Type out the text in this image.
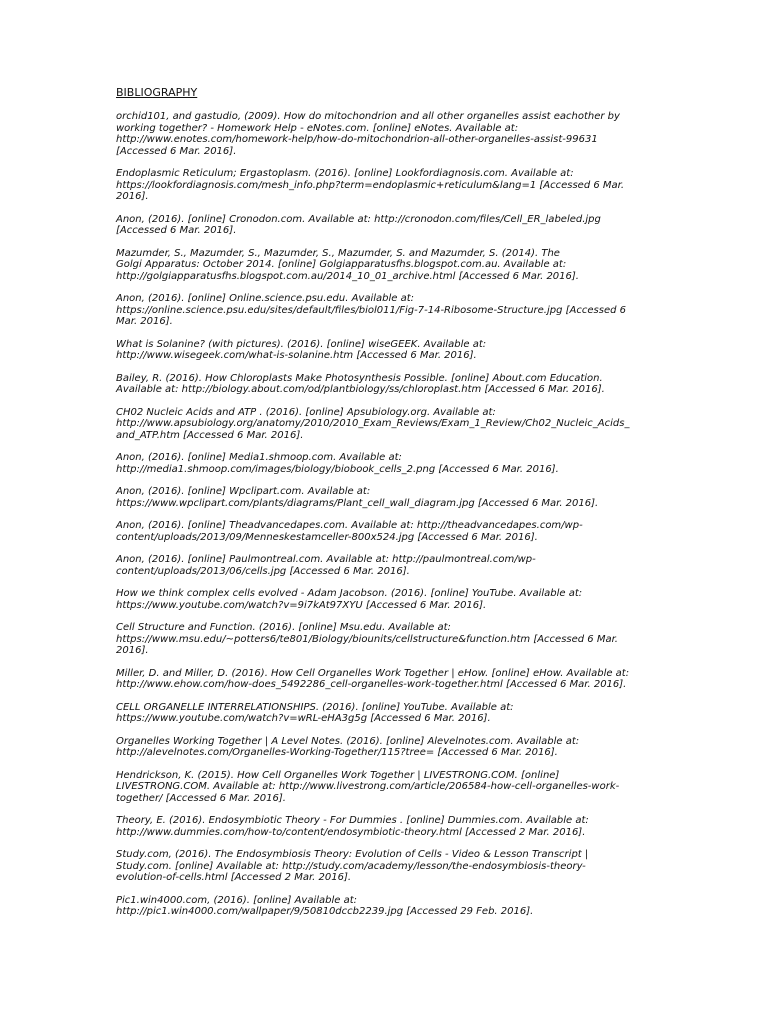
BIBLIOGRAPHY
orchid101, and gastudio, (2009). How do mitochondrion and all other organelles assist eachother by
working together? - Homework Help - eNotes.com. [online] eNotes. Available at:
http://www.enotes.com/homework-help/how-do-mitochondrion-all-other-organelles-assist-99631
[Accessed 6 Mar. 2016].
Endoplasmic Reticulum; Ergastoplasm. (2016). [online] Lookfordiagnosis.com. Available at:
https://lookfordiagnosis.com/mesh_info.php?term=endoplasmic+reticulum&lang=1 [Accessed 6 Mar.
2016].
Anon, (2016). [online] Cronodon.com. Available at: http://cronodon.com/files/Cell_ER_labeled.jpg
[Accessed 6 Mar. 2016].
Mazumder, S., Mazumder, S., Mazumder, S., Mazumder, S. and Mazumder, S. (2014). The
Golgi Apparatus: October 2014. [online] Golgiapparatusfhs.blogspot.com.au. Available at:
http://golgiapparatusfhs.blogspot.com.au/2014_10_01_archive.html [Accessed 6 Mar. 2016].
Anon, (2016). [online] Online.science.psu.edu. Available at:
https://online.science.psu.edu/sites/default/files/biol011/Fig-7-14-Ribosome-Structure.jpg [Accessed 6
Mar. 2016].
What is Solanine? (with pictures). (2016). [online] wiseGEEK. Available at:
http://www.wisegeek.com/what-is-solanine.htm [Accessed 6 Mar. 2016].
Bailey, R. (2016). How Chloroplasts Make Photosynthesis Possible. [online] About.com Education.
Available at: http://biology.about.com/od/plantbiology/ss/chloroplast.htm [Accessed 6 Mar. 2016].
CH02 Nucleic Acids and ATP . (2016). [online] Apsubiology.org. Available at:
http://www.apsubiology.org/anatomy/2010/2010_Exam_Reviews/Exam_1_Review/Ch02_Nucleic_Acids_
and_ATP.htm [Accessed 6 Mar. 2016].
Anon, (2016). [online] Media1.shmoop.com. Available at:
http://media1.shmoop.com/images/biology/biobook_cells_2.png [Accessed 6 Mar. 2016].
Anon, (2016). [online] Wpclipart.com. Available at:
https://www.wpclipart.com/plants/diagrams/Plant_cell_wall_diagram.jpg [Accessed 6 Mar. 2016].
Anon, (2016). [online] Theadvancedapes.com. Available at: http://theadvancedapes.com/wp-
content/uploads/2013/09/Menneskestamceller-800x524.jpg [Accessed 6 Mar. 2016].
Anon, (2016). [online] Paulmontreal.com. Available at: http://paulmontreal.com/wp-
content/uploads/2013/06/cells.jpg [Accessed 6 Mar. 2016].
How we think complex cells evolved - Adam Jacobson. (2016). [online] YouTube. Available at:
https://www.youtube.com/watch?v=9i7kAt97XYU [Accessed 6 Mar. 2016].
Cell Structure and Function. (2016). [online] Msu.edu. Available at:
https://www.msu.edu/~potters6/te801/Biology/biounits/cellstructure&function.htm [Accessed 6 Mar.
2016].
Miller, D. and Miller, D. (2016). How Cell Organelles Work Together | eHow. [online] eHow. Available at:
http://www.ehow.com/how-does_5492286_cell-organelles-work-together.html [Accessed 6 Mar. 2016].
CELL ORGANELLE INTERRELATIONSHIPS. (2016). [online] YouTube. Available at:
https://www.youtube.com/watch?v=wRL-eHA3g5g [Accessed 6 Mar. 2016].
Organelles Working Together | A Level Notes. (2016). [online] Alevelnotes.com. Available at:
http://alevelnotes.com/Organelles-Working-Together/115?tree= [Accessed 6 Mar. 2016].
Hendrickson, K. (2015). How Cell Organelles Work Together | LIVESTRONG.COM. [online]
LIVESTRONG.COM. Available at: http://www.livestrong.com/article/206584-how-cell-organelles-work-
together/ [Accessed 6 Mar. 2016].
Theory, E. (2016). Endosymbiotic Theory - For Dummies . [online] Dummies.com. Available at:
http://www.dummies.com/how-to/content/endosymbiotic-theory.html [Accessed 2 Mar. 2016].
Study.com, (2016). The Endosymbiosis Theory: Evolution of Cells - Video & Lesson Transcript |
Study.com. [online] Available at: http://study.com/academy/lesson/the-endosymbiosis-theory-
evolution-of-cells.html [Accessed 2 Mar. 2016].
Pic1.win4000.com, (2016). [online] Available at:
http://pic1.win4000.com/wallpaper/9/50810dccb2239.jpg [Accessed 29 Feb. 2016].
